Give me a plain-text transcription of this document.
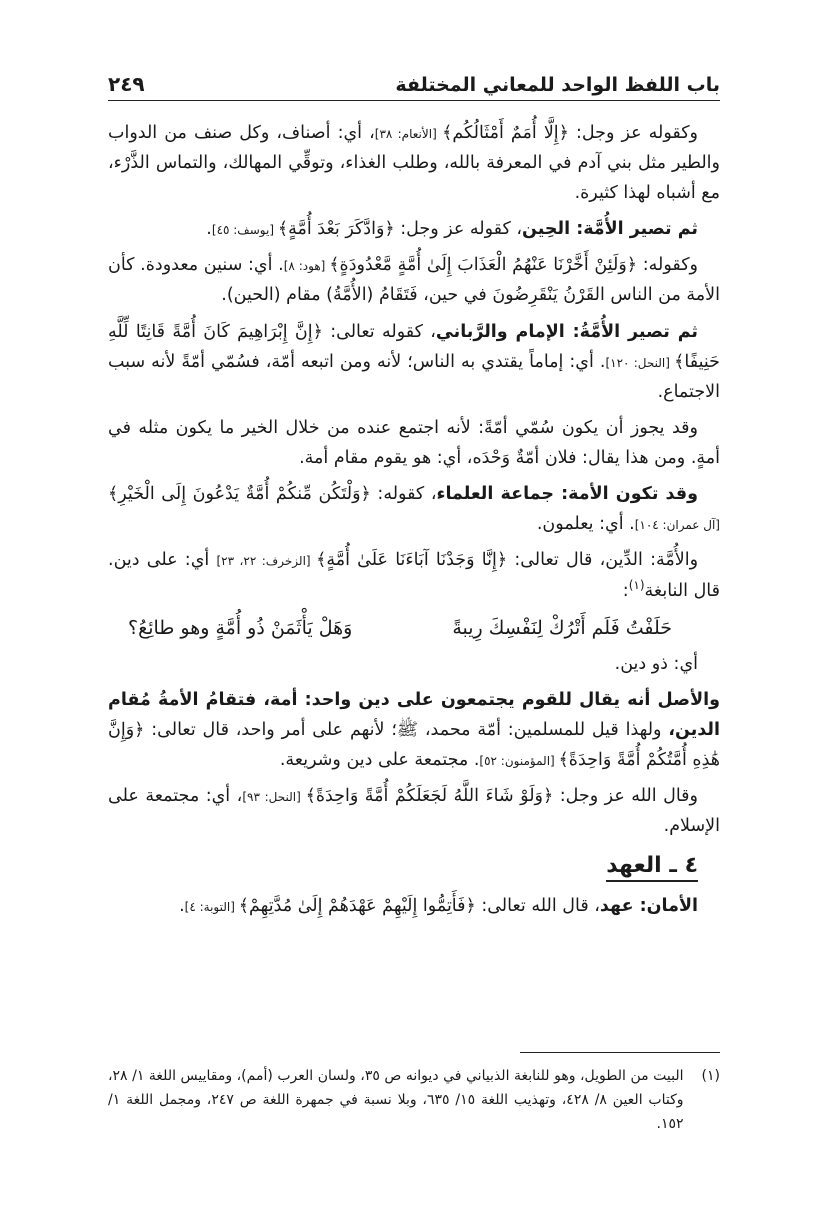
باب اللفظ الواحد للمعاني المختلفة
٢٤٩

وكقوله عز وجل: ﴿إِلَّا أُمَمٌ أَمْثَالُكُم﴾ [الأنعام: ٣٨]، أي: أصناف، وكل صنف من الدواب والطير مثل بني آدم في المعرفة بالله، وطلب الغذاء، وتوقِّي المهالك، والتماس الذَّرْء، مع أشباه لهذا كثيرة.

ثم تصير الأُمَّة: الحِين، كقوله عز وجل: ﴿وَادَّكَرَ بَعْدَ أُمَّةٍ﴾ [يوسف: ٤٥].

وكقوله: ﴿وَلَئِنْ أَخَّرْنَا عَنْهُمُ الْعَذَابَ إِلَىٰ أُمَّةٍ مَّعْدُودَةٍ﴾ [هود: ٨]. أي: سنين معدودة. كأن الأمة من الناس القَرْنُ يَنْقَرِضُونَ في حين، فَتَقَامُ (الأُمَّةُ) مقام (الحين).

ثم تصير الأُمَّةُ: الإمام والرَّباني، كقوله تعالى: ﴿إِنَّ إِبْرَاهِيمَ كَانَ أُمَّةً قَانِتًا لِّلَّهِ حَنِيفًا﴾ [النحل: ١٢٠]. أي: إماماً يقتدي به الناس؛ لأنه ومن اتبعه أمّة، فسُمّي أمّةً لأنه سبب الاجتماع.

وقد يجوز أن يكون سُمّي أمّةً: لأنه اجتمع عنده من خلال الخير ما يكون مثله في أمةٍ. ومن هذا يقال: فلان أمّةٌ وَحْدَه، أي: هو يقوم مقام أمة.

وقد تكون الأمة: جماعة العلماء، كقوله: ﴿وَلْتَكُن مِّنكُمْ أُمَّةٌ يَدْعُونَ إِلَى الْخَيْرِ﴾ [آل عمران: ١٠٤]. أي: يعلمون.

والأُمَّة: الدِّين، قال تعالى: ﴿إِنَّا وَجَدْنَا آبَاءَنَا عَلَىٰ أُمَّةٍ﴾ [الزخرف: ٢٢، ٢٣] أي: على دين. قال النابغة$^{(١)}$:

حَلَفْتُ فَلَم أَتْرُكْ لِنَفْسِكَ رِيبةً
وَهَلْ يَأْثَمَنْ ذُو أُمَّةٍ وهو طائِعُ؟

أي: ذو دين.

والأصل أنه يقال للقوم يجتمعون على دين واحد: أمة، فتقامُ الأمةُ مُقام الدين، ولهذا قيل للمسلمين: أمّة محمد، ﷺ؛ لأنهم على أمر واحد، قال تعالى: ﴿وَإِنَّ هَٰذِهِ أُمَّتُكُمْ أُمَّةً وَاحِدَةً﴾ [المؤمنون: ٥٢]. مجتمعة على دين وشريعة.

وقال الله عز وجل: ﴿وَلَوْ شَاءَ اللَّهُ لَجَعَلَكُمْ أُمَّةً وَاحِدَةً﴾ [النحل: ٩٣]، أي: مجتمعة على الإسلام.

٤ ـ العهد

الأمان: عهد، قال الله تعالى: ﴿فَأَتِمُّوا إِلَيْهِمْ عَهْدَهُمْ إِلَىٰ مُدَّتِهِمْ﴾ [التوبة: ٤].

(١)
البيت من الطويل، وهو للنابغة الذبياني في ديوانه ص ٣٥، ولسان العرب (أمم)، ومقاييس اللغة ١/ ٢٨، وكتاب العين ٨/ ٤٢٨، وتهذيب اللغة ١٥/ ٦٣٥، وبلا نسبة في جمهرة اللغة ص ٢٤٧، ومجمل اللغة ١/ ١٥٢.
